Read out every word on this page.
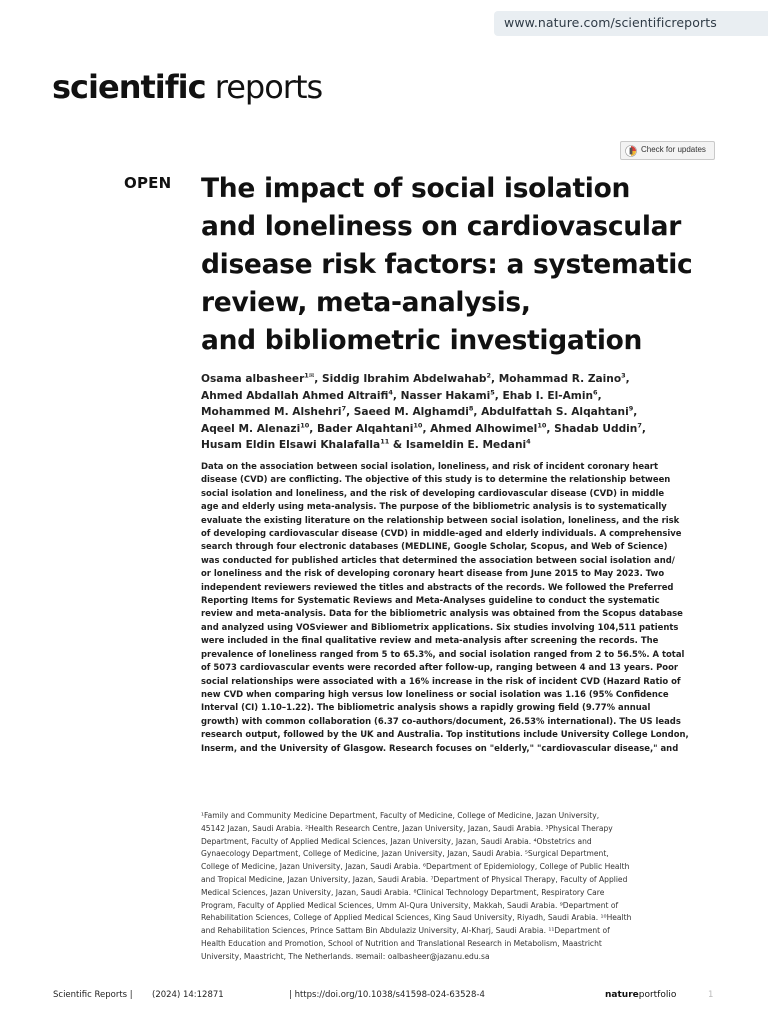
www.nature.com/scientificreports
scientific reports
Check for updates
OPEN The impact of social isolation
and loneliness on cardiovascular
disease risk factors: a systematic
review, meta-analysis,
and bibliometric investigation
Osama albasheer$^{1✉}$, Siddig Ibrahim Abdelwahab$^2$, Mohammad R. Zaino$^3$,
Ahmed Abdallah Ahmed Altraifi$^4$, Nasser Hakami$^5$, Ehab I. El-Amin$^6$,
Mohammed M. Alshehri$^7$, Saeed M. Alghamdi$^8$, Abdulfattah S. Alqahtani$^9$,
Aqeel M. Alenazi$^{10}$, Bader Alqahtani$^{10}$, Ahmed Alhowimel$^{10}$, Shadab Uddin$^7$,
Husam Eldin Elsawi Khalafalla$^{11}$ & Isameldin E. Medani$^4$
Data on the association between social isolation, loneliness, and risk of incident coronary heart
disease (CVD) are conflicting. The objective of this study is to determine the relationship between
social isolation and loneliness, and the risk of developing cardiovascular disease (CVD) in middle
age and elderly using meta-analysis. The purpose of the bibliometric analysis is to systematically
evaluate the existing literature on the relationship between social isolation, loneliness, and the risk
of developing cardiovascular disease (CVD) in middle-aged and elderly individuals. A comprehensive
search through four electronic databases (MEDLINE, Google Scholar, Scopus, and Web of Science)
was conducted for published articles that determined the association between social isolation and/
or loneliness and the risk of developing coronary heart disease from June 2015 to May 2023. Two
independent reviewers reviewed the titles and abstracts of the records. We followed the Preferred
Reporting Items for Systematic Reviews and Meta-Analyses guideline to conduct the systematic
review and meta-analysis. Data for the bibliometric analysis was obtained from the Scopus database
and analyzed using VOSviewer and Bibliometrix applications. Six studies involving 104,511 patients
were included in the final qualitative review and meta-analysis after screening the records. The
prevalence of loneliness ranged from 5 to 65.3%, and social isolation ranged from 2 to 56.5%. A total
of 5073 cardiovascular events were recorded after follow-up, ranging between 4 and 13 years. Poor
social relationships were associated with a 16% increase in the risk of incident CVD (Hazard Ratio of
new CVD when comparing high versus low loneliness or social isolation was 1.16 (95% Confidence
Interval (CI) 1.10–1.22). The bibliometric analysis shows a rapidly growing field (9.77% annual
growth) with common collaboration (6.37 co-authors/document, 26.53% international). The US leads
research output, followed by the UK and Australia. Top institutions include University College London,
Inserm, and the University of Glasgow. Research focuses on "elderly," "cardiovascular disease," and
¹Family and Community Medicine Department, Faculty of Medicine, College of Medicine, Jazan University,
45142 Jazan, Saudi Arabia. ²Health Research Centre, Jazan University, Jazan, Saudi Arabia. ³Physical Therapy
Department, Faculty of Applied Medical Sciences, Jazan University, Jazan, Saudi Arabia. ⁴Obstetrics and
Gynaecology Department, College of Medicine, Jazan University, Jazan, Saudi Arabia. ⁵Surgical Department,
College of Medicine, Jazan University, Jazan, Saudi Arabia. ⁶Department of Epidemiology, College of Public Health
and Tropical Medicine, Jazan University, Jazan, Saudi Arabia. ⁷Department of Physical Therapy, Faculty of Applied
Medical Sciences, Jazan University, Jazan, Saudi Arabia. ⁸Clinical Technology Department, Respiratory Care
Program, Faculty of Applied Medical Sciences, Umm Al-Qura University, Makkah, Saudi Arabia. ⁹Department of
Rehabilitation Sciences, College of Applied Medical Sciences, King Saud University, Riyadh, Saudi Arabia. ¹⁰Health
and Rehabilitation Sciences, Prince Sattam Bin Abdulaziz University, Al-Kharj, Saudi Arabia. ¹¹Department of
Health Education and Promotion, School of Nutrition and Translational Research in Metabolism, Maastricht
University, Maastricht, The Netherlands. ✉email: oalbasheer@jazanu.edu.sa
Scientific Reports | (2024) 14:12871	| https://doi.org/10.1038/s41598-024-63528-4	natureportfolio	1
